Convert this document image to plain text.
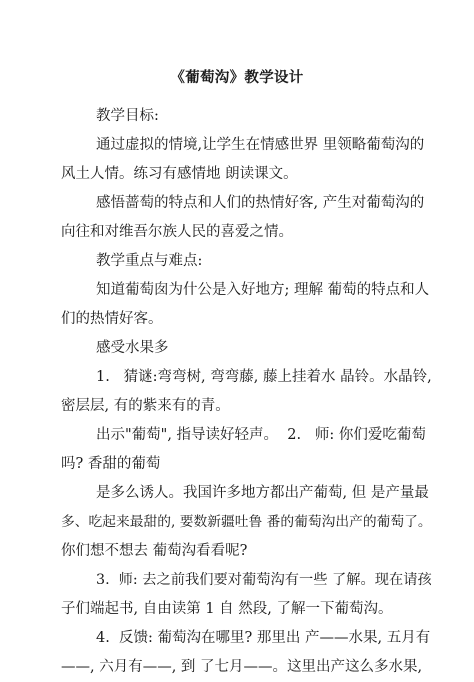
《葡萄沟》教学设计
教学目标:
通过虚拟的情境,让学生在情感世界 里领略葡萄沟的
风土人情。练习有感情地 朗读课文。
感悟蔷萄的特点和人们的热情好客, 产生对葡萄沟的
向往和对维吾尔族人民的喜爱之情。
教学重点与难点:
知道葡萄囱为什公是入好地方; 理解 葡萄的特点和人
们的热情好客。
感受水果多
1.   猜谜:弯弯树, 弯弯藤, 藤上挂着水 晶铃。水晶铃,
密层层, 有的紫来有的青。
出示"葡萄", 指导读好轻声。  2.   师: 你们爱吃葡萄
吗? 香甜的葡萄
是多么诱人。我国许多地方都出产葡萄, 但 是产量最
多、吃起来最甜的, 要数新疆吐鲁 番的葡萄沟出产的葡萄了。
你们想不想去 葡萄沟看看呢?
3.  师: 去之前我们要对葡萄沟有一些 了解。现在请孩
子们端起书, 自由读第 1 自 然段, 了解一下葡萄沟。
4.  反馈: 葡萄沟在哪里? 那里出 产——水果, 五月有
——, 六月有——, 到 了七月——。这里出产这么多水果,
